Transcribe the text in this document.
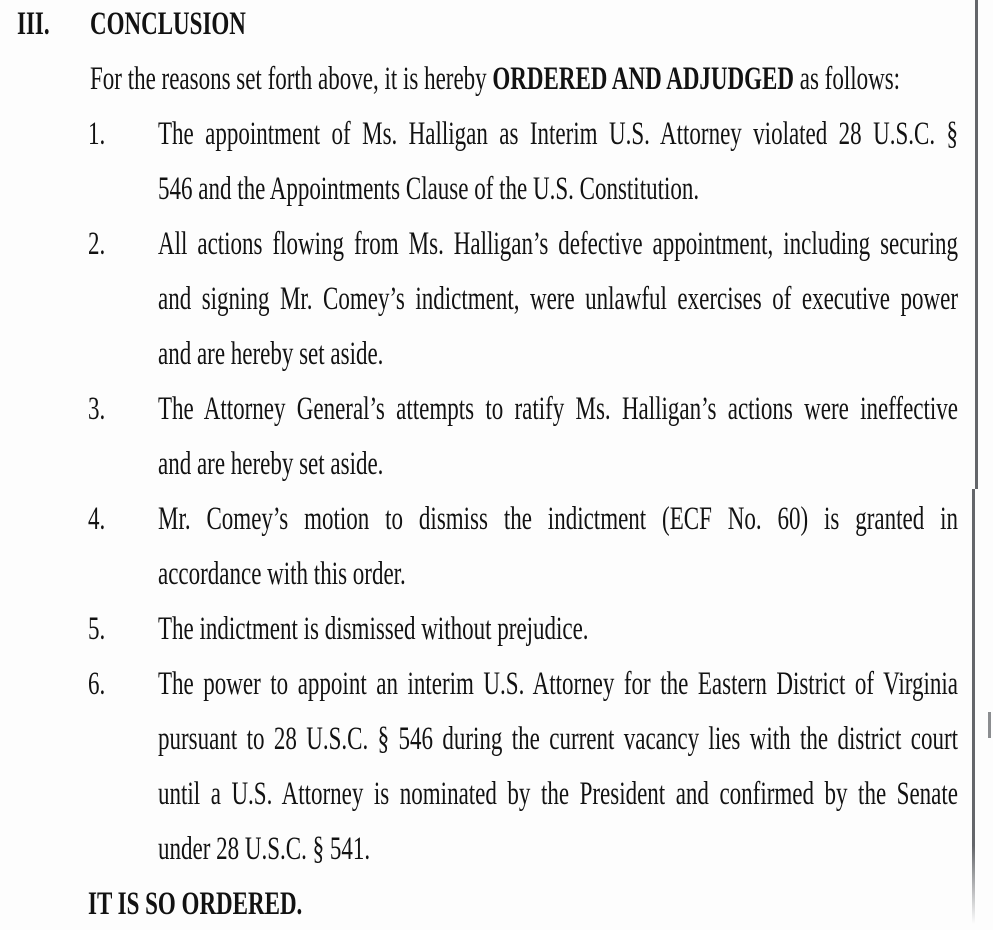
III. CONCLUSION
For the reasons set forth above, it is hereby ORDERED AND ADJUDGED as follows:
1. The appointment of Ms. Halligan as Interim U.S. Attorney violated 28 U.S.C. §
546 and the Appointments Clause of the U.S. Constitution.
2. All actions flowing from Ms. Halligan’s defective appointment, including securing
and signing Mr. Comey’s indictment, were unlawful exercises of executive power
and are hereby set aside.
3. The Attorney General’s attempts to ratify Ms. Halligan’s actions were ineffective
and are hereby set aside.
4. Mr. Comey’s motion to dismiss the indictment (ECF No. 60) is granted in
accordance with this order.
5. The indictment is dismissed without prejudice.
6. The power to appoint an interim U.S. Attorney for the Eastern District of Virginia
pursuant to 28 U.S.C. § 546 during the current vacancy lies with the district court
until a U.S. Attorney is nominated by the President and confirmed by the Senate
under 28 U.S.C. § 541.
IT IS SO ORDERED.
